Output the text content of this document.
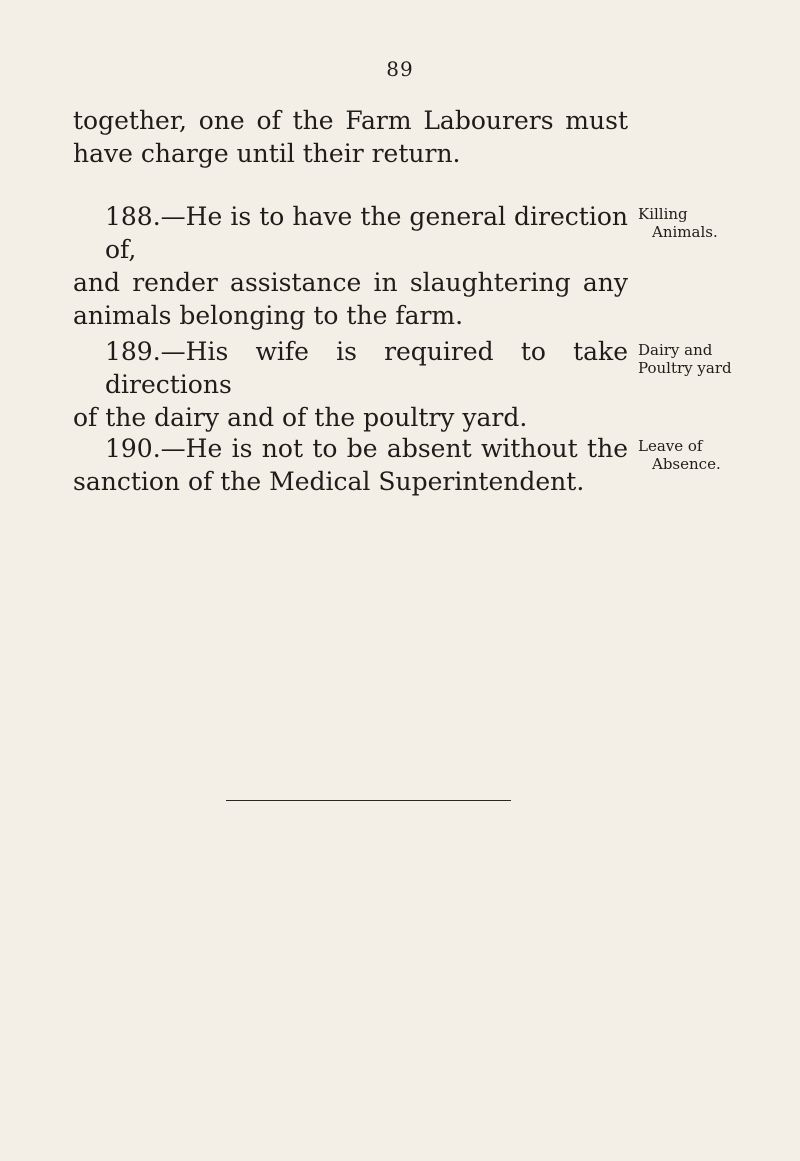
89
together, one of the Farm Labourers must
have charge until their return.
188.—He is to have the general direction of,
and render assistance in slaughtering any
animals belonging to the farm.
Killing
Animals.
189.—His wife is required to take directions
of the dairy and of the poultry yard.
Dairy and
Poultry yard
190.—He is not to be absent without the
sanction of the Medical Superintendent.
Leave of
Absence.
